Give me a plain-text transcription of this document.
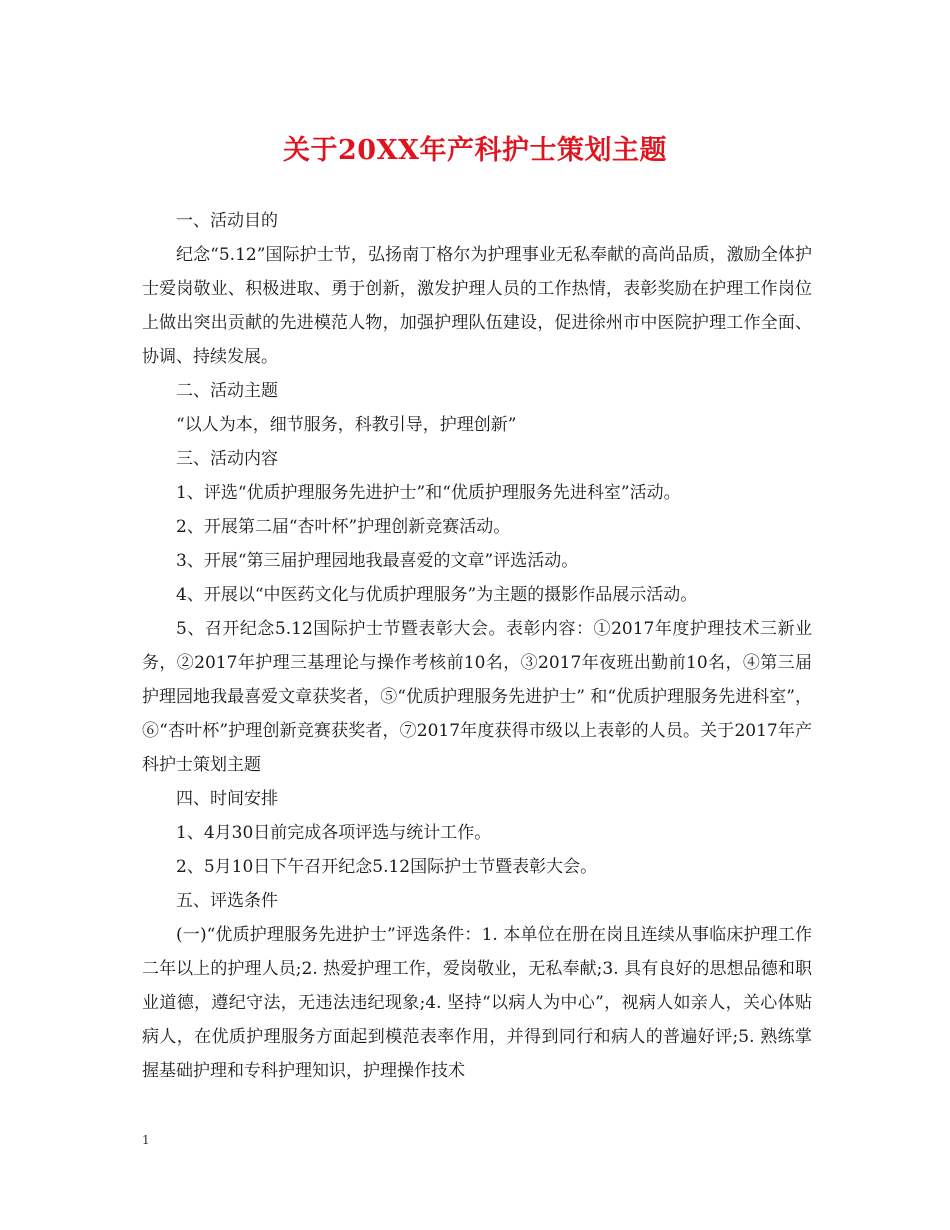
关于20XX年产科护士策划主题

一、活动目的

纪念“5.12”国际护士节，弘扬南丁格尔为护理事业无私奉献的高尚品质，激励全体护士爱岗敬业、积极进取、勇于创新，激发护理人员的工作热情，表彰奖励在护理工作岗位上做出突出贡献的先进模范人物，加强护理队伍建设，促进徐州市中医院护理工作全面、协调、持续发展。

二、活动主题

“以人为本，细节服务，科教引导，护理创新”

三、活动内容

1、评选“优质护理服务先进护士”和“优质护理服务先进科室”活动。

2、开展第二届“杏叶杯”护理创新竞赛活动。

3、开展“第三届护理园地我最喜爱的文章”评选活动。

4、开展以“中医药文化与优质护理服务”为主题的摄影作品展示活动。

5、召开纪念5.12国际护士节暨表彰大会。表彰内容：①2017年度护理技术三新业务，②2017年护理三基理论与操作考核前10名，③2017年夜班出勤前10名，④第三届护理园地我最喜爱文章获奖者，⑤“优质护理服务先进护士” 和“优质护理服务先进科室”，⑥“杏叶杯”护理创新竞赛获奖者，⑦2017年度获得市级以上表彰的人员。关于2017年产科护士策划主题

四、时间安排

1、4月30日前完成各项评选与统计工作。

2、5月10日下午召开纪念5.12国际护士节暨表彰大会。

五、评选条件

(一)“优质护理服务先进护士”评选条件：1. 本单位在册在岗且连续从事临床护理工作二年以上的护理人员;2. 热爱护理工作，爱岗敬业，无私奉献;3. 具有良好的思想品德和职业道德，遵纪守法，无违法违纪现象;4. 坚持“以病人为中心”，视病人如亲人，关心体贴病人，在优质护理服务方面起到模范表率作用，并得到同行和病人的普遍好评;5. 熟练掌握基础护理和专科护理知识，护理操作技术

1
